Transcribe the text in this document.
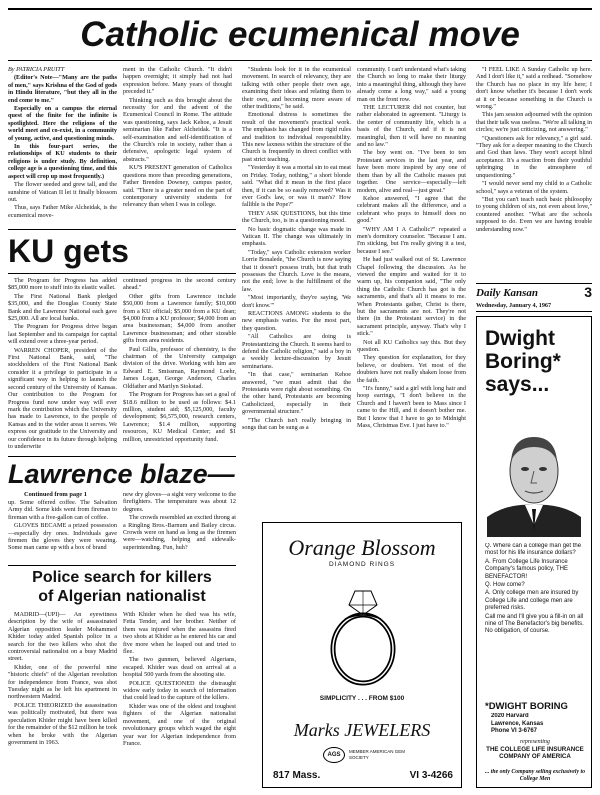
Catholic ecumenical move

By PATRICIA PRUITT

(Editor's Note—"Many are the paths of men," says Krishna of the God of gods in Hindu literature, "but they all in the end come to me."

Especially on a campus the eternal quest of the finite for the infinite is spotlighted. Here the religions of the world meet and co-exist, in a community of young, active, and questioning minds.

In this four-part series, the relationships of KU students to their religions is under study. By definition, college age is a questioning time, and this aspect will crop up most frequently.)

The flower seeded and grew tall, and the sunshine of Vatican II let it finally blossom out.

Thus, says Father Mike Alcheidak, is the ecumenical move-

ment in the Catholic Church. "It didn't happen overnight; it simply had not had expression before. Many years of thought preceded it."

Thinking such as this brought about the necessity for and the advent of the Ecumenical Council in Rome. The attitude was questioning, says Jack Kehoe, a Jesuit seminarian like Father Alcheidak. "It is a self-examination and self-identification of the Church's role in society, rather than a defensive, apologetic legal system of abstracts."

KU'S PRESENT generation of Catholics questions more than preceding generations, Father Brendon Downey, campus pastor, said. "There is a greater need on the part of contemporary university students for relevancy than when I was in college.

"Students look for it in the ecumenical movement. In search of relevancy, they are talking with other people their own age, examining their ideas and relating them to their own, and becoming more aware of other traditions," he said.

Emotional distress is sometimes the result of the movement's practical work. The emphasis has changed from rigid rules and tradition to individual responsibility. This new laxness within the structure of the Church is frequently in direct conflict with past strict teaching.

"Yesterday it was a mortal sin to eat meat on Friday. Today, nothing," a short blonde said. "What did it mean in the first place then, if it can be so easily removed? Was it ever God's law, or was it man's? How fallible is the Pope?"

THEY ASK QUESTIONS, but this time the Church, too, is in a questioning mood.

No basic dogmatic change was made in Vatican II. The change was ultimately in emphasis.

"Today," says Catholic extension worker Lorrie Bonalede, "the Church is now saying that it doesn't possess truth, but that truth possesses the Church. Love is the means, not the end; love is the fulfillment of the law.

"Most importantly, they're saying, 'We don't know.'"

REACTIONS AMONG students to the new emphasis varies. For the most part, they question.

"All Catholics are doing is Protestantizing the Church. It seems hard to defend the Catholic religion," said a boy in a weekly lecture-discussion by Jesuit seminarians.

"In that case," seminarian Kehoe answered, "we must admit that the Protestants were right about something. On the other hand, Protestants are becoming Catholicized, especially in their governmental structure."

"The Church isn't really bringing in songs that can be sung as a

community. I can't understand what's taking the Church so long to make their liturgy into a meaningful thing, although they have already come a long way," said a young man on the front row.

THE LECTURER did not counter, but rather elaborated in agreement. "Liturgy is the center of community life, which is a basis of the Church, and if it is not meaningful, then it will have no meaning and no law."

The boy went on. "I've been to ten Protestant services in the last year, and have been more inspired by any one of them than by all the Catholic masses put together. One service—especially—left modern, alive and real—just great."

Kehoe answered, "I agree that the celebrant makes all the difference, and a celebrant who prays to himself does no good."

"WHY AM I A Catholic?" repeated a men's dormitory counselor. "Because I am. I'm sticking, but I'm really giving it a test, because I see."

He had just walked out of St. Lawrence Chapel following the discussion. As he viewed the empire and waited for it to warm up, his companion said, "The only thing the Catholic Church has got is the sacraments, and that's all it means to me. When Protestants gather, Christ is there, but the sacraments are not. They're not there (in the Protestant service) in the sacrament principle, anyway. That's why I stick."

Not all KU Catholics say this. But they question.

They question for explanation, for they believe, or doubters. Yet most of the doubters have not really shaken loose from the faith.

"It's funny," said a girl with long hair and hoop earrings, "I don't believe in the Church and I haven't been to Mass since I came to the Hill, and it doesn't bother me. But I know that I have to go to Midnight Mass, Christmas Eve. I just have to."

"I FEEL LIKE A Sunday Catholic up here. And I don't like it," said a redhead. "Somehow the Church has no place in my life here; I don't know whether it's because I don't work at it or because something in the Church is wrong."

This jam session adjourned with the opinion that their talk was useless. "We're all talking in circles; we're just criticizing, not answering."

"Questioners ask for relevancy," a girl said. "They ask for a deeper meaning to the Church and God than laws. They won't accept blind acceptance. It's a reaction from their youthful upbringing in the atmosphere of unquestioning."

"I would never send my child to a Catholic school," says a veteran of the system.

"But you can't teach such basic philosophy to young children of six, not even about love," countered another. "What are the schools supposed to do. Even we are having trouble understanding now."

KU gets

The Program for Progress has added $85,000 more to stuff into its elastic wallet.

The First National Bank pledged $35,000, and the Douglas County State Bank and the Lawrence National each gave $25,000. All are local banks.

The Program for Progress drive began last September and its campaign for capital will extend over a three-year period.

WARREN CHOPER, president of the First National Bank, said, "The stockholders of the First National Bank consider it a privilege to participate in a significant way in helping to launch the second century of the University of Kansas. Our contribution to the Program for Progress fund now under way will ever mark the contribution which the University has made to Lawrence, to the people of Kansas and to the wider areas it serves. We express our gratitude to the University and our confidence in its future through helping to underwrite

continued progress in the second century ahead."

Other gifts from Lawrence include $50,000 from a Lawrence family; $10,000 from a KU official; $5,000 from a KU dean; $4,000 from a KU professor; $4,000 from an area businessman; $4,000 from another Lawrence businessman; and other sizeable gifts from area residents.

Paul Gillis, professor of chemistry, is the chairman of the University campaign division of the drive. Working with him are Edward E. Smissman, Raymond Loehr, James Logan, George Anderson, Charles Oldfather and Marilyn Stokstad.

The Program for Progress has set a goal of $18.6 million to be used as follows: $4.1 million, student aid; $5,125,000, faculty development; $6,575,000, research centers, Lawrence; $1.4 million, supporting resources, KU Medical Center; and $1 million, unrestricted opportunity fund.

Lawrence blaze—
Continued from page 1

up. Some offered coffee. The Salvation Army did. Some kids went from fireman to fireman with a five-gallon can of coffee.

GLOVES BECAME a prized possession—especially dry ones. Individuals gave firemen the gloves they were wearing. Some man came up with a box of brand

new dry gloves—a sight very welcome to the firefighters. The temperature was about 12 degrees.

The crowds resembled an excited throng at a Ringling Bros.-Barnum and Bailey circus. Crowds were on hand as long as the firemen were—watching, helping and sidewalk-superintending. Fun, huh?

Police search for killers
of Algerian nationalist

MADRID—(UPI)— An eyewitness description by the wife of assassinated Algerian opposition leader Mohammed Khider today aided Spanish police in a search for the two killers who shot the controversial nationalist on a busy Madrid street.

Khider, one of the powerful nine "historic chiefs" of the Algerian revolution for independence from France, was shot Tuesday night as he left his apartment in northwestern Madrid.

POLICE THEORIZED the assassination was politically motivated, but there was speculation Khider might have been killed for the remainder of the $12 million he took when he broke with the Algerian government in 1963.

With Khider when he died was his wife, Fetta Tender, and her brother. Neither of them was injured when the assassins fired two shots at Khider as he entered his car and five more when he leaped out and tried to flee.

The two gunmen, believed Algerians, escaped. Khider was dead on arrival at a hospital 500 yards from the shooting site.

POLICE QUESTIONED the distraught widow early today in search of information that could lead to the capture of the killers.

Khider was one of the oldest and toughest fighters of the Algerian nationalist movement, and one of the original revolutionary groups which waged the eight year war for Algerian independence from France.

Orange Blossom
DIAMOND RINGS
SIMPLICITY . . . FROM $100
Marks JEWELERS
AGS
MEMBER AMERICAN GEM SOCIETY
817 Mass.	VI 3-4266
Daily Kansan	3
Wednesday, January 4, 1967
Dwight Boring* says...

Q. Where can a college man get the most for his life insurance dollars?

A. From College Life Insurance Company's famous policy, THE BENEFACTOR!

Q. How come?

A. Only college men are insured by College Life and college men are preferred risks.

Call me and I'll give you a fill-in on all nine of The Benefactor's big benefits. No obligation, of course.

*DWIGHT BORING
2020 Harvard
Lawrence, Kansas
Phone VI 3-6767
representing
THE COLLEGE LIFE INSURANCE COMPANY OF AMERICA
... the only Company selling exclusively to College Men
